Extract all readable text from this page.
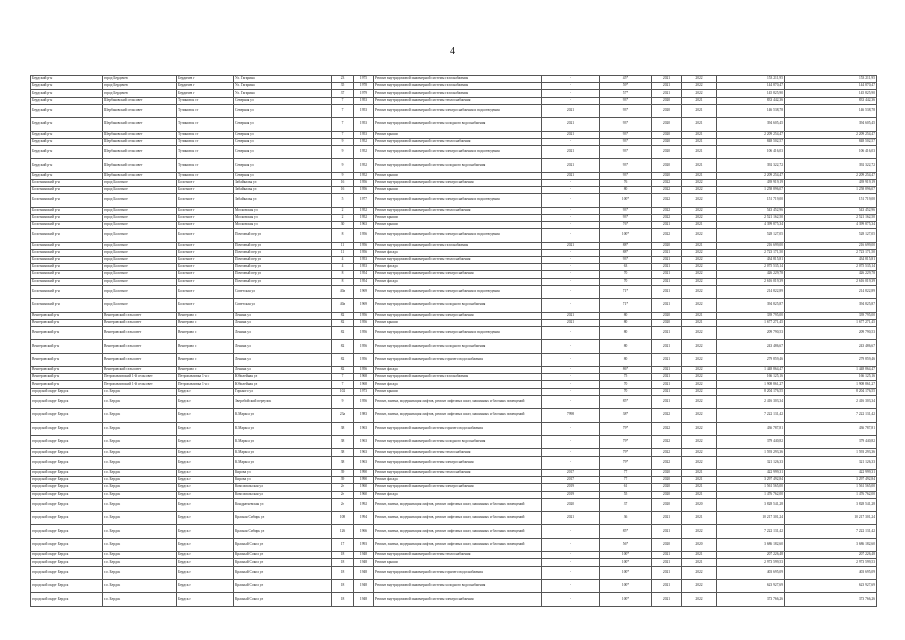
4
Бердский р-н	город Бердичев	Бердичев г	Ул. Гагарина	23	1975	Ремонт внутридомовой инженерной системы газоснабжения	-	45*	2021	2022	153 211,95	153 211,95
Бердский р-н	город Бердичев	Бердичев г	Ул. Гагарина	35	1978	Ремонт внутридомовой инженерной системы газоснабжения	-	59*	2021	2022	144 870,47	144 870,47
Бердский р-н	город Бердичев	Бердичев г	Ул. Гагарина	37	1979	Ремонт внутридомовой инженерной системы газоснабжения	-	57*	2021	2022	145 825,90	145 825,90
Бердский р-н	Шербаковский сельсовет	Тучиновск ст	Северная ул	7	1953	Ремонт внутридомовой инженерной системы теплоснабжения	-	93*	2020	2021	833 442,36	833 442,36
Бердский р-н	Шербаковский сельсовет	Тучиновск ст	Северная ул	7	1953	Ремонт внутридомовой инженерной системы электроснабжения и водоотведения	2021	93*	2020	2021	146 538,78	146 538,78
Бердский р-н	Шербаковский сельсовет	Тучиновск ст	Северная ул	7	1953	Ремонт внутридомовой инженерной системы холодного водоснабжения	2021	93*	2020	2021	394 605,45	394 605,45
Бердский р-н	Шербаковский сельсовет	Тучиновск ст	Северная ул	7	1953	Ремонт крыши	2021	93*	2020	2021	2 209 254,47	2 209 254,47
Бердский р-н	Шербаковский сельсовет	Тучиновск ст	Северная ул	9	1952	Ремонт внутридомовой инженерной системы теплоснабжения	-	93*	2020	2021	848 502,57	848 502,57
Бердский р-н	Шербаковский сельсовет	Тучиновск ст	Северная ул	9	1952	Ремонт внутридомовой инженерной системы электроснабжения и водоотведения	2021	93*	2020	2021	106 416,03	106 416,03
Бердский р-н	Шербаковский сельсовет	Тучиновск ст	Северная ул	9	1952	Ремонт внутридомовой инженерной системы холодного водоснабжения	2021	93*	2020	2021	392 322,72	392 322,72
Бердский р-н	Шербаковский сельсовет	Тучиновск ст	Северная ул	9	1952	Ремонт крыши	2021	93*	2020	2021	2 209 254,47	2 209 254,47
Болотнинский р-н	город Болотное	Болотное г	Забайкалья ул	16	1956	Ремонт внутридомовой инженерной системы электроснабжения	-	76	2022	2022	439 919,19	439 919,19
Болотнинский р-н	город Болотное	Болотное г	Забайкалья ул	16	1956	Ремонт крыши	-	80	2022	2022	1 258 896,07	1 258 896,07
Болотнинский р-н	город Болотное	Болотное г	Забайкалья ул	5	1977	Ремонт внутридомовой инженерной системы электроснабжения и водоотведения	-	100*	2022	2022	151 719,00	151 719,00
Болотнинский р-н	город Болотное	Болотное г	Московская ул	2	1952	Ремонт внутридомовой инженерной системы теплоснабжения	-	93*	2022	2022	543 452,96	543 452,96
Болотнинский р-н	город Болотное	Болотное г	Московская ул	2	1952	Ремонт крыши	-	93*	2022	2022	2 521 162,50	2 521 162,50
Болотнинский р-н	город Болотное	Болотное г	Московская ул	30	1963	Ремонт крыши	-	76*	2021	2021	4 399 875,34	4 399 875,34
Болотнинский р-н	город Болотное	Болотное г	Почтовый пер ул	8	1956	Ремонт внутридомовой инженерной системы электроснабжения и водоотведения	-	100*	2022	2022	528 127,05	528 127,05
Болотнинский р-н	город Болотное	Болотное г	Почтовый пер ул	11	1956	Ремонт внутридомовой инженерной системы газоснабжения	2021	88*	2020	2021	216 699,00	216 699,00
Болотнинский р-н	город Болотное	Болотное г	Почтовый пер ул	11	1956	Ремонт фасада	-	88*	2021	2022	2 723 171,50	2 723 171,50
Болотнинский р-н	город Болотное	Болотное г	Почтовый пер ул	4	1953	Ремонт внутридомовой инженерной системы теплоснабжения	-	93*	2021	2022	434 815,81	434 815,81
Болотнинский р-н	город Болотное	Болотное г	Почтовый пер ул	4	1953	Ремонт фасада	-	63	2021	2022	2 075 535,14	2 075 535,14
Болотнинский р-н	город Болотное	Болотное г	Почтовый пер ул	8	1954	Ремонт внутридомовой инженерной системы электроснабжения	-	70	2021	2022	426 229,78	426 229,78
Болотнинский р-н	город Болотное	Болотное г	Почтовый пер ул	8	1954	Ремонт фасада	-	70	2021	2022	2 616 019,39	2 616 019,39
Болотнинский р-н	город Болотное	Болотное г	Советская ул	40а	1969	Ремонт внутридомовой инженерной системы электроснабжения и водоотведения	-	71*	2021	2022	214 822,89	214 822,89
Болотнинский р-н	город Болотное	Болотное г	Советская ул	40а	1969	Ремонт внутридомовой инженерной системы холодного водоснабжения	-	71*	2021	2022	394 825,87	394 825,87
Венгеровский р-н	Венгеровский сельсовет	Венгерово с	Ленина ул	82	1956	Ремонт внутридомовой инженерной системы электроснабжения	2021	80	2020	2021	339 795,00	339 795,00
Венгеровский р-н	Венгеровский сельсовет	Венгерово с	Ленина ул	82	1956	Ремонт крыши	2021	80	2020	2021	1 677 271,45	1 677 271,45
Венгеровский р-н	Венгеровский сельсовет	Венгерово с	Ленина ул	82	1956	Ремонт внутридомовой инженерной системы электроснабжения и водоотведения	-	80	2021	2022	209 790,53	209 790,53
Венгеровский р-н	Венгеровский сельсовет	Венгерово с	Ленина ул	82	1956	Ремонт внутридомовой инженерной системы холодного водоснабжения	-	80	2021	2022	243 486,67	243 486,67
Венгеровский р-н	Венгеровский сельсовет	Венгерово с	Ленина ул	82	1956	Ремонт внутридомовой инженерной системы горячего водоснабжения	-	80	2021	2022	279 859,46	279 859,46
Венгеровский р-н	Венгеровский сельсовет	Венгерово с	Ленина ул	82	1956	Ремонт фасада	-	86*	2021	2022	1 448 864,47	1 448 864,47
Венгеровский р-н	Петропавловский 1-й сельсовет	Петропавловка 1-я с	Юбилейная ул	7	1968	Ремонт внутридомовой инженерной системы газоснабжения	-	75	2021	2022	166 125,16	166 125,16
Венгеровский р-н	Петропавловский 1-й сельсовет	Петропавловка 1-я с	Юбилейная ул	7	1968	Ремонт фасада	-	70	2021	2022	1 908 861,27	1 908 861,27
городской округ Бердск	г.о. Бердск	Бердск г	Горького ул	102	1973	Ремонт крыши	-	70	2021	2022	8 204 176,55	8 204 176,55
городской округ Бердск	г.о. Бердск	Бердск г	Зверобойский переулок	9	1956	Ремонт, замена, модернизация лифтов, ремонт лифтовых шахт, машинных и блочных помещений	-	85*	2021	2022	2 416 303,34	2 416 303,34
городской округ Бердск	г.о. Бердск	Бердск г	К.Маркса ул	23а	1983	Ремонт, замена, модернизация лифтов, ремонт лифтовых шахт, машинных и блочных помещений	7998	38*	2022	2022	7 222 131,42	7 222 131,42
городской округ Бердск	г.о. Бердск	Бердск г	К.Маркса ул	38	1963	Ремонт внутридомовой инженерной системы горячего водоснабжения	-	79*	2022	2022	436 787,81	436 787,81
городской округ Бердск	г.о. Бердск	Бердск г	К.Маркса ул	38	1963	Ремонт внутридомовой инженерной системы холодного водоснабжения	-	79*	2022	2022	379 440,82	379 440,82
городской округ Бердск	г.о. Бердск	Бердск г	К.Маркса ул	38	1963	Ремонт внутридомовой инженерной системы теплоснабжения	-	79*	2022	2022	1 593 293,36	1 593 293,36
городской округ Бердск	г.о. Бердск	Бердск г	К.Маркса ул	38	1963	Ремонт внутридомовой инженерной системы электроснабжения	-	79*	2022	2022	321 126,33	321 126,33
городской округ Бердск	г.о. Бердск	Бердск г	Кирова ул	39	1990	Ремонт внутридомовой инженерной системы теплоснабжения	2017	77	2020	2021	422 999,31	422 999,31
городской округ Бердск	г.о. Бердск	Бердск г	Кирова ул	39	1990	Ремонт фасада	2017	77	2020	2021	3 297 492,84	3 297 492,84
городской округ Бердск	г.о. Бердск	Бердск г	Комсомольская ул	2г	1960	Ремонт внутридомовой инженерной системы электроснабжения	2019	61	2020	2021	1 561 565,00	1 561 565,00
городской округ Бердск	г.о. Бердск	Бердск г	Комсомольская ул	2г	1960	Ремонт фасада	2019	55	2020	2021	1 476 762,00	1 476 762,00
городской округ Бердск	г.о. Бердск	Бердск г	Кондратьевская ул	2г	1992	Ремонт, замена, модернизация лифтов, ремонт лифтовых шахт, машинных и блочных помещений	2020	37	2020	2020	3 828 541,28	3 828 541,28
городской округ Бердск	г.о. Бердск	Бердск г	Красная Сибирь ул	108	1994	Ремонт, замена, модернизация лифтов, ремонт лифтовых шахт, машинных и блочных помещений	2021	36	2021	2021	10 217 301,24	10 217 301,24
городской округ Бердск	г.о. Бердск	Бердск г	Красная Сибирь ул	126	1966	Ремонт, замена, модернизация лифтов, ремонт лифтовых шахт, машинных и блочных помещений	-	85*	2021	2022	7 222 131,42	7 222 131,42
городской округ Бердск	г.о. Бердск	Бердск г	Красный Сокол ул	17	1993	Ремонт, замена, модернизация лифтов, ремонт лифтовых шахт, машинных и блочных помещений	-	56*	2020	2020	3 686 182,60	3 686 182,60
городской округ Бердск	г.о. Бердск	Бердск г	Красный Сокол ул	18	1948	Ремонт внутридомовой инженерной системы теплоснабжения	-	100*	2021	2021	207 226,48	207 226,48
городской округ Бердск	г.о. Бердск	Бердск г	Красный Сокол ул	18	1948	Ремонт крыши	-	100*	2021	2021	2 973 599,53	2 973 599,53
городской округ Бердск	г.о. Бердск	Бердск г	Красный Сокол ул	18	1948	Ремонт внутридомовой инженерной системы горячего водоснабжения	-	100*	2021	2022	403 695,09	403 695,09
городской округ Бердск	г.о. Бердск	Бердск г	Красный Сокол ул	18	1948	Ремонт внутридомовой инженерной системы холодного водоснабжения	-	100*	2021	2022	623 927,69	623 927,69
городской округ Бердск	г.о. Бердск	Бердск г	Красный Сокол ул	18	1948	Ремонт внутридомовой инженерной системы электроснабжения	-	100*	2021	2022	373 766,26	373 766,26
